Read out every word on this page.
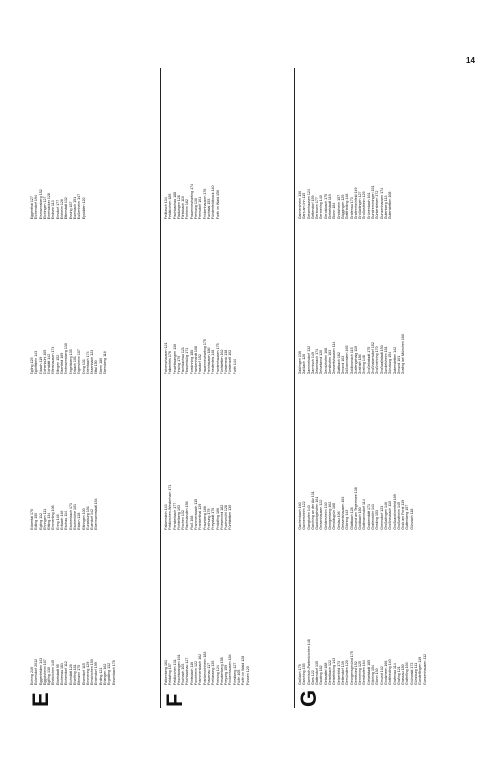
14
E
Eching 219 Eckersdorf 2012 Eggenfelden 143 Eggolsheim 167 Eglfing 130 Ehekirchen 145 Eibelstadt 95 Eichenau 181 Eichendorf 112 Eichstätt 126 Eiselfing 181 Eltmann 175 Elsendorf 115 Emmering 129 Emskirchen 150 Erbendorf 199 Erding 121 Erlangen 162 Ergolding 132 Essenbach 178
Eckental 170 Edling 150 Egling 112 Ehringen 111 Eitting 134 Emmerting 106 Ering 146 Erlbach 146 Eschau 114 Eschenbach 171 Eschenlohe 101 Eslarn 128 Ettringen 100 Eurasburg 101 Euerdorf 142 Ebermannstadt 154
Egling 125 Egloffstein 143 Eibach 119 Eichenbühl 105 Eichstätt 142 Elfershausen 174 Ellingen 152 Elsenfeld 169 Emtmannsberg 130 Engelsberg 135 Erbach 101 Ergersheim 107 Ering 131 Erlenbach 174 Essenbach 123 Ettal 150 Ebern 180 Ebersberg 116
Eggenthal 127 Eichendorf 194 Eismannsberg 152 Elchingen 127 Emersacker 128 Endsee 113 Ensdorf 177 Erkheim 126 Ettenstatt 132 Essing 187 Euerbach 151 Eußenheim 147 Eysölden 120
F
Falkenberg 161 Feldafing 157 Feldkirchen 131 Feuchtwangen 161 Fischach 103 Fischbachau 127 Flintsbach 116 Forchheim 122 Frammersbach 162 Frankenwinheim 183 Frauenau 117 Freilassing 135 Freising 124 Freudenberg 158 Freyung 159 Frickenhausen 184 Friedberg 127 Fürth 105 Furth im Wald 128 Füssen 120
Falkenstein 143 Feldkirchen-Westerham 171 Fensterbach 177 Fichtelberg 103 Fischen 132 Flachslanden 156 Floß 168 Frammersbach 115 Frankenthal 129 Fraunberg 166 Freihung 179 Freystadt 170 Fridolfing 166 Friesenried 182 Fuchsmühl 128 Fünfstetten 130
Fahrenzhausen 121 Falkenfels 176 Feuchtwangen 130 Finsing 170 Fischbachau 121 Flossenbürg 171 Forstinning 180 Frankenhardt 108 Frasdorf 152 Frauenneuharting 175 Freinhausen 186 Friedenfels 148 Frontenhausen 175 Fünfstetten 162 Fürsteneck 138 Fürstenzell 102 Furth 144
Feilitzsch 134 Feldkirchen 185 Fischbachau 188 Fladungen 128 Flintsbach 110 Forheim 182 Frauenneuharting 174 Freihung 130 Frensdorf 101 Frickenhausen 176 Fuchstal 153 Fürstenfeldbruck 140 Furth im Wald 156
G
Gaißach 179 Garching 155 Garmisch-Partenkirchen 148 Gars 122 Gattendorf 135 Gauting 182 Gebsattel 188 Geiselbach 122 Geiselhöring 143 Geisenfeld 173 Geltendorf 139 Gemünden 120 Georgensgmünd 175 Geretsried 152 Germering 125 Gersthofen 164 Giebelstadt 185 Gilching 154 Glonn 130 Gmund 102 Gnotzheim 166 Gottfrieding 140 Grafenau 114 Grafing 121 Grassau 180 Gräfelfing 163 Grünwald 173 Günzburg 111 Gundelfingen 119 Gunzenhausen 112
Gachenbach 160 Gaimersheim 122 Gangkofen 143 Garching an der Alz 131 Gaukönigshofen 161 Geisenhausen 122 Geldersheim 130 Georgenberg 162 Geroldsgrün 168 Geslau 106 Gessertshausen 163 Gilching 143 Glattbach 128 Gmund am Tegernsee 138 Goldbach 180 Gottmannsdorf 114 Grabenstätt 171 Grafenwöhr 141 Greding 153 Gremsdorf 123 Großaitingen 146 Großheubach 110 Großkarolinenfeld 169 Großostheim 145 Grub am Forst 119 Guttenberg 157 Günzach 118
Gablingen 139 Gaißach 126 Gammelsdorf 132 Garmisch 149 Gebenbach 174 Geiselwind 120 Gerolzhofen 168 Gersthofen 163 Gessertshausen 114 Glattbach 182 Gmund 103 Gößweinstein 165 Goldkronach 115 Grafengehaig 119 Grafrath 186 Greiling 148 Großeibstadt 175 Großhabersdorf 152 Großmehring 170 Großwallstadt 150 Gundelsheim 181 Günzburg 154 Gutenstetten 142 Gmund 101 Grafing bei München 160
Gaimersheim 130 Gars am Inn 115 Geisenhausen 124 Geltendorf 159 Gerbrunn 177 Germering 140 Gerolsbach 175 Giebelstadt 119 Glonn 184 Gnotzheim 157 Göggingen 129 Gottfrieding 148 Grafenau 173 Grafenrheinfeld 149 Großaitingen 127 Großostheim 129 Grünenbach 161 Gundremmingen 151 Güntersleben 172 Gunzenhausen 174 Gutenberg 113 Gutenstetten 108
